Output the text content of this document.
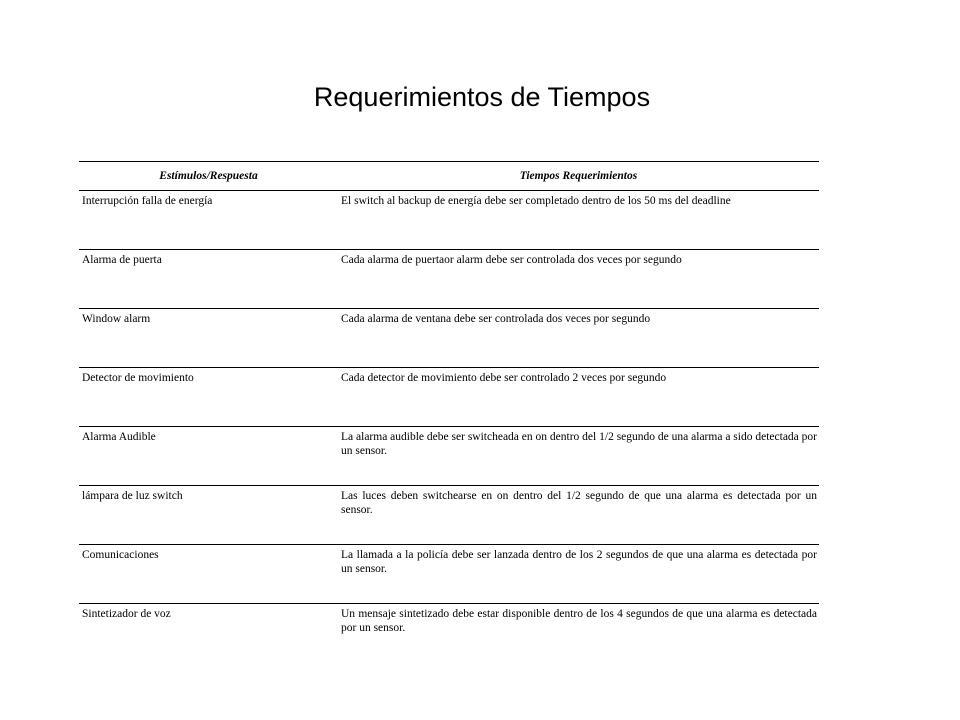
Requerimientos de Tiempos
Estímulos/Respuesta	Tiempos Requerimientos
Interrupción falla de energía	El switch al backup de energía debe ser completado dentro de los 50 ms del deadline
Alarma de puerta	Cada alarma de puertaor alarm debe ser controlada dos veces por segundo
Window alarm	Cada alarma de ventana debe ser controlada dos veces por segundo
Detector de movimiento	Cada detector de movimiento debe ser controlado 2 veces por segundo
Alarma Audible	La alarma audible debe ser switcheada en on dentro del 1/2 segundo de una alarma a sido detectada por un sensor.
lámpara de luz switch	Las luces deben switchearse en on dentro del 1/2 segundo de que una alarma es detectada por un sensor.
Comunicaciones	La llamada a la policía debe ser lanzada dentro de los 2 segundos de que una alarma es detectada por un sensor.
Sintetizador de voz	Un mensaje sintetizado debe estar disponible dentro de los 4 segundos de que una alarma es detectada por un sensor.
